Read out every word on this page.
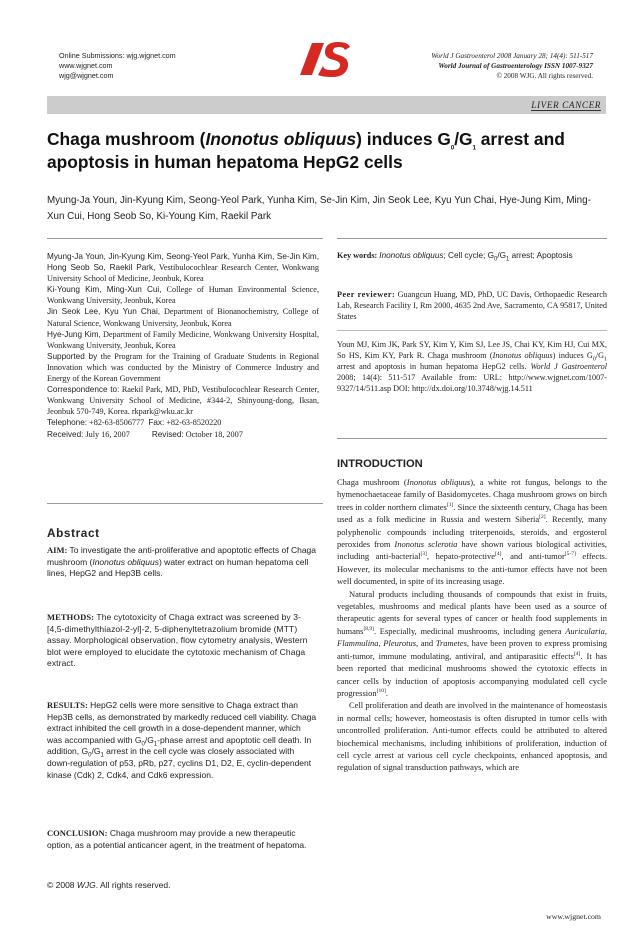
Online Submissions: wjg.wjgnet.com
www.wjgnet.com
wjg@wjgnet.com
World J Gastroenterol 2008 January 28; 14(4): 511-517
World Journal of Gastroenterology ISSN 1007-9327
© 2008 WJG. All rights reserved.
LIVER CANCER
Chaga mushroom (Inonotus obliquus) induces $G_0/G_1$ arrest and apoptosis in human hepatoma HepG2 cells
Myung-Ja Youn, Jin-Kyung Kim, Seong-Yeol Park, Yunha Kim, Se-Jin Kim, Jin Seok Lee, Kyu Yun Chai, Hye-Jung Kim, Ming-Xun Cui, Hong Seob So, Ki-Young Kim, Raekil Park

Myung-Ja Youn, Jin-Kyung Kim, Seong-Yeol Park, Yunha Kim, Se-Jin Kim, Hong Seob So, Raekil Park, Vestibulocochlear Research Center, Wonkwang University School of Medicine, Jeonbuk, Korea

Ki-Young Kim, Ming-Xun Cui, College of Human Environmental Science, Wonkwang University, Jeonbuk, Korea

Jin Seok Lee, Kyu Yun Chai, Department of Bionanochemistry, College of Natural Science, Wonkwang University, Jeonbuk, Korea

Hye-Jung Kim, Department of Family Medicine, Wonkwang University Hospital, Wonkwang University, Jeonbuk, Korea

Supported by the Program for the Training of Graduate Students in Regional Innovation which was conducted by the Ministry of Commerce Industry and Energy of the Korean Government

Correspondence to: Raekil Park, MD, PhD, Vestibulocochlear Research Center, Wonkwang University School of Medicine, #344-2, Shinyoung-dong, Iksan, Jeonbuk 570-749, Korea. rkpark@wku.ac.kr

Telephone: +82-63-8506777 Fax: +82-63-8520220

Received: July 16, 2007	Revised: October 18, 2007

Abstract
AIM: To investigate the anti-proliferative and apoptotic effects of Chaga mushroom (Inonotus obliquus) water extract on human hepatoma cell lines, HepG2 and Hep3B cells.
METHODS: The cytotoxicity of Chaga extract was screened by 3-[4,5-dimethylthiazol-2-yl]-2, 5-diphenyltetrazolium bromide (MTT) assay. Morphological observation, flow cytometry analysis, Western blot were employed to elucidate the cytotoxic mechanism of Chaga extract.
RESULTS: HepG2 cells were more sensitive to Chaga extract than Hep3B cells, as demonstrated by markedly reduced cell viability. Chaga extract inhibited the cell growth in a dose-dependent manner, which was accompanied with $G_0/G_1$-phase arrest and apoptotic cell death. In addition, $G_0/G_1$ arrest in the cell cycle was closely associated with down-regulation of p53, pRb, p27, cyclins D1, D2, E, cyclin-dependent kinase (Cdk) 2, Cdk4, and Cdk6 expression.
CONCLUSION: Chaga mushroom may provide a new therapeutic option, as a potential anticancer agent, in the treatment of hepatoma.
© 2008 WJG. All rights reserved.
Key words: Inonotus obliquus; Cell cycle; $G_0/G_1$ arrest; Apoptosis
Peer reviewer: Guangcun Huang, MD, PhD, UC Davis, Orthopaedic Research Lab, Research Facility I, Rm 2000, 4635 2nd Ave, Sacramento, CA 95817, United States
Youn MJ, Kim JK, Park SY, Kim Y, Kim SJ, Lee JS, Chai KY, Kim HJ, Cui MX, So HS, Kim KY, Park R. Chaga mushroom (Inonotus obliquus) induces $G_0/G_1$ arrest and apoptosis in human hepatoma HepG2 cells. World J Gastroenterol 2008; 14(4): 511-517 Available from: URL: http://www.wjgnet.com/1007-9327/14/511.asp DOI: http://dx.doi.org/10.3748/wjg.14.511
INTRODUCTION

Chaga mushroom (Inonotus obliquus), a white rot fungus, belongs to the hymenochaetaceae family of Basidomycetes. Chaga mushroom grows on birch trees in colder northern climates[1]. Since the sixteenth century, Chaga has been used as a folk medicine in Russia and western Siberia[2]. Recently, many polyphenolic compounds including triterpenoids, steroids, and ergosterol peroxides from Inonotus sclerotia have shown various biological activities, including anti-bacterial[3], hepato-protective[4], and anti-tumor[5-7] effects. However, its molecular mechanisms to the anti-tumor effects have not been well documented, in spite of its increasing usage.

Natural products including thousands of compounds that exist in fruits, vegetables, mushrooms and medical plants have been used as a source of therapeutic agents for several types of cancer or health food supplements in humans[8,9]. Especially, medicinal mushrooms, including genera Auricularia, Flammulina, Pleurotus, and Trametes, have been proven to express promising anti-tumor, immune modulating, antiviral, and antiparasitic effects[4]. It has been reported that medicinal mushrooms showed the cytotoxic effects in cancer cells by induction of apoptosis accompanying modulated cell cycle progression[10].

Cell proliferation and death are involved in the maintenance of homeostasis in normal cells; however, homeostasis is often disrupted in tumor cells with uncontrolled proliferation. Anti-tumor effects could be attributed to altered biochemical mechanisms, including inhibitions of proliferation, induction of cell cycle arrest at various cell cycle checkpoints, enhanced apoptosis, and regulation of signal transduction pathways, which are

www.wjgnet.com
